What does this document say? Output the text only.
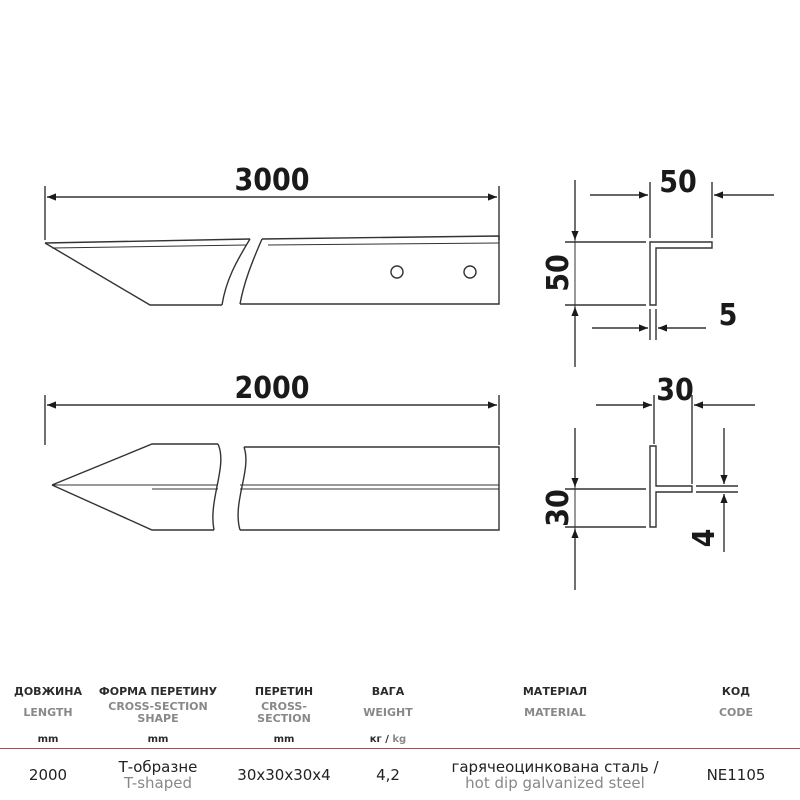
3000
2000
50
50
5
30
30
4
ДОВЖИНА
LENGTH
mm
2000
ФОРМА ПЕРЕТИНУ
CROSS-SECTION SHAPE
mm
Т-образне
T-shaped
ПЕРЕТИН
CROSS-SECTION
mm
30x30x30x4
ВАГА
WEIGHT
кг / kg
4,2
МАТЕРІАЛ
MATERIAL
гарячеоцинкована сталь /
hot dip galvanized steel
КОД
CODE
NE1105
